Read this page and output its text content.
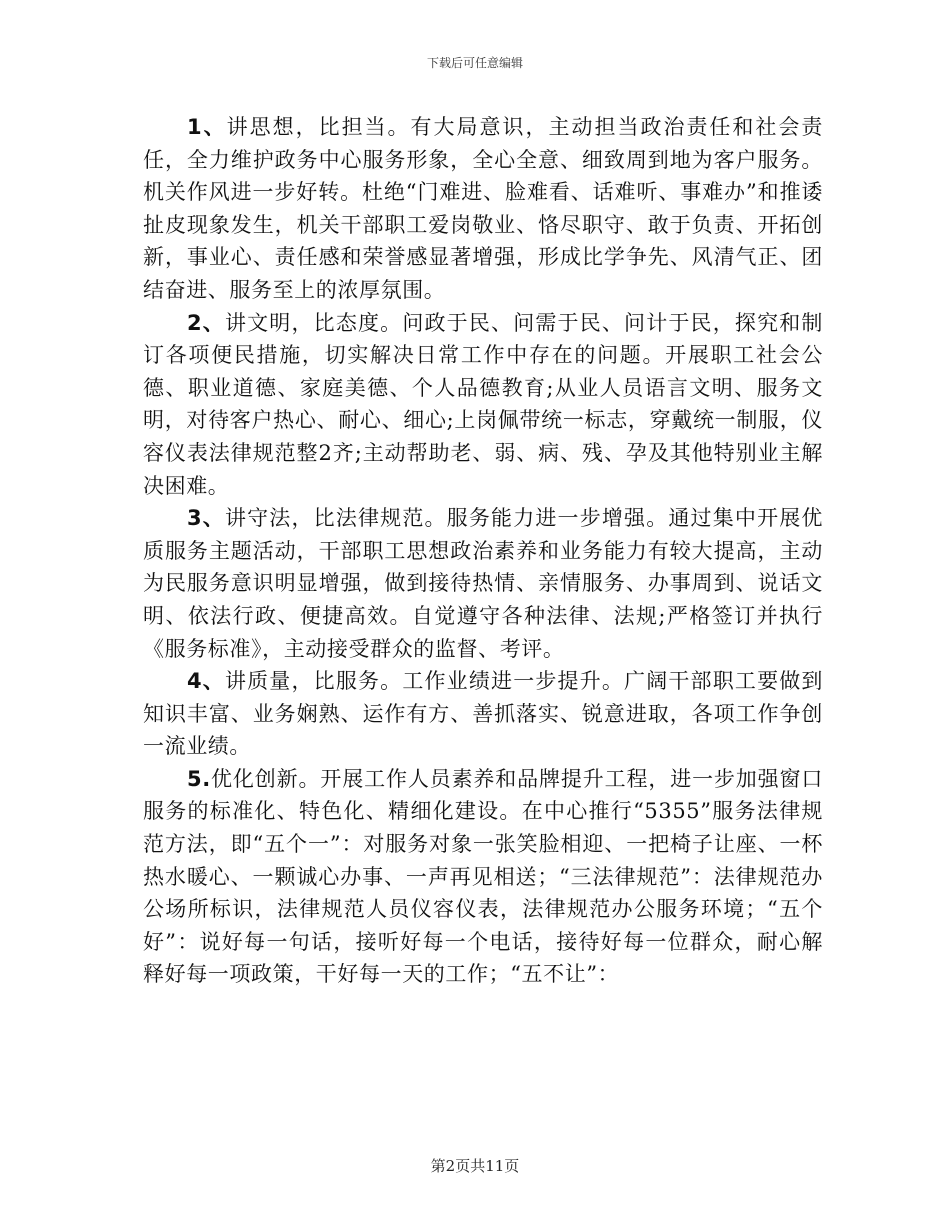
下载后可任意编辑

1、讲思想，比担当。有大局意识，主动担当政治责任和社会责任，全力维护政务中心服务形象，全心全意、细致周到地为客户服务。机关作风进一步好转。杜绝“门难进、脸难看、话难听、事难办”和推诿扯皮现象发生，机关干部职工爱岗敬业、恪尽职守、敢于负责、开拓创新，事业心、责任感和荣誉感显著增强，形成比学争先、风清气正、团结奋进、服务至上的浓厚氛围。

2、讲文明，比态度。问政于民、问需于民、问计于民，探究和制订各项便民措施，切实解决日常工作中存在的问题。开展职工社会公德、职业道德、家庭美德、个人品德教育;从业人员语言文明、服务文明，对待客户热心、耐心、细心;上岗佩带统一标志，穿戴统一制服，仪容仪表法律规范整2齐;主动帮助老、弱、病、残、孕及其他特别业主解决困难。

3、讲守法，比法律规范。服务能力进一步增强。通过集中开展优质服务主题活动，干部职工思想政治素养和业务能力有较大提高，主动为民服务意识明显增强，做到接待热情、亲情服务、办事周到、说话文明、依法行政、便捷高效。自觉遵守各种法律、法规;严格签订并执行《服务标准》，主动接受群众的监督、考评。

4、讲质量，比服务。工作业绩进一步提升。广阔干部职工要做到知识丰富、业务娴熟、运作有方、善抓落实、锐意进取，各项工作争创一流业绩。

5.优化创新。开展工作人员素养和品牌提升工程，进一步加强窗口服务的标准化、特色化、精细化建设。在中心推行“5355”服务法律规范方法，即“五个一”：对服务对象一张笑脸相迎、一把椅子让座、一杯热水暖心、一颗诚心办事、一声再见相送；“三法律规范”：法律规范办公场所标识，法律规范人员仪容仪表，法律规范办公服务环境；“五个好”：说好每一句话，接听好每一个电话，接待好每一位群众，耐心解释好每一项政策，干好每一天的工作；“五不让”：

第2页共11页
